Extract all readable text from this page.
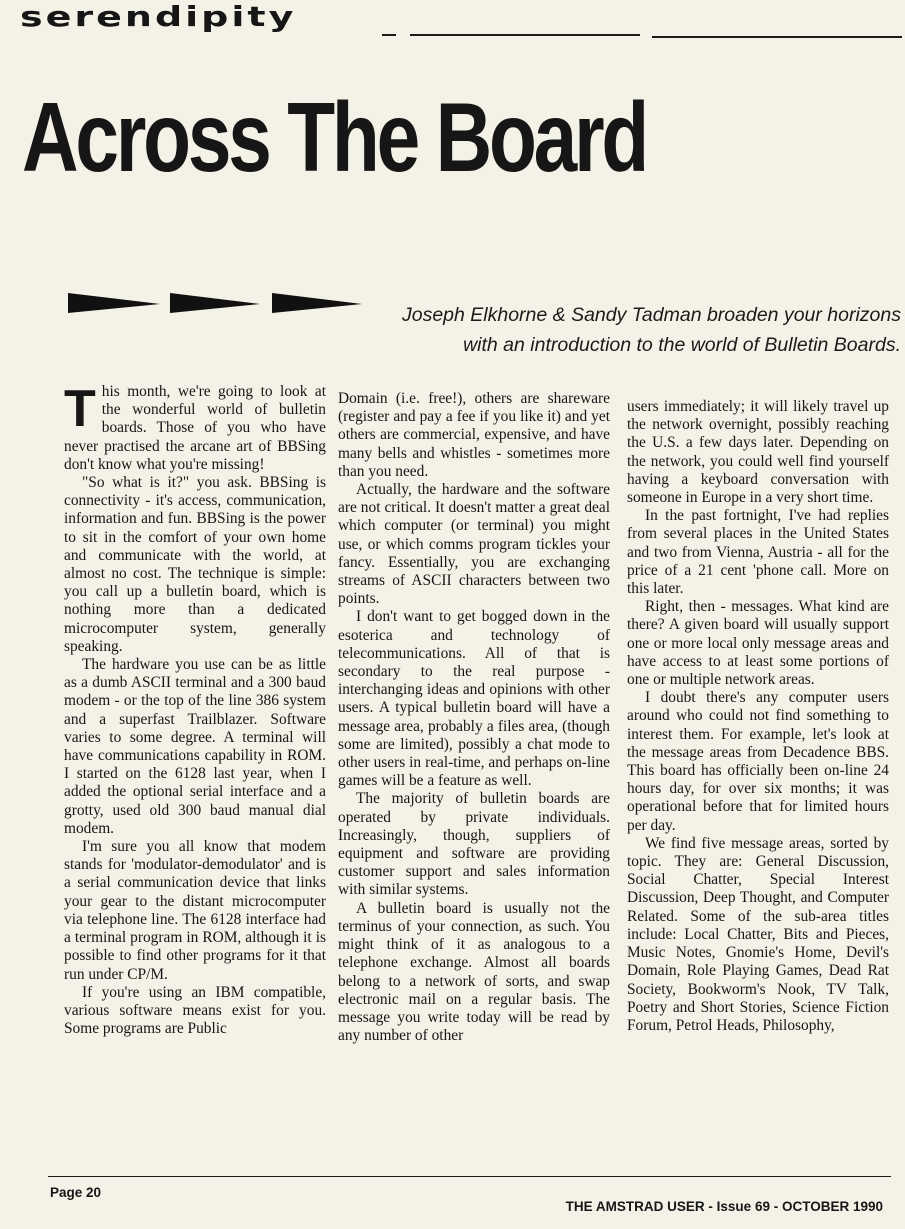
serendipity
Across The Board
Joseph Elkhorne & Sandy Tadman broaden your horizons
with an introduction to the world of Bulletin Boards.
T his month, we're going to look at the wonderful world of bulletin boards. Those of you who have never practised the arcane art of BBSing don't know what you're missing!

"So what is it?" you ask. BBSing is connectivity - it's access, communication, information and fun. BBSing is the power to sit in the comfort of your own home and communicate with the world, at almost no cost. The technique is simple: you call up a bulletin board, which is nothing more than a dedicated microcomputer system, generally speaking.

The hardware you use can be as little as a dumb ASCII terminal and a 300 baud modem - or the top of the line 386 system and a superfast Trailblazer. Software varies to some degree. A terminal will have communications capability in ROM. I started on the 6128 last year, when I added the optional serial interface and a grotty, used old 300 baud manual dial modem.

I'm sure you all know that modem stands for 'modulator-demodulator' and is a serial communication device that links your gear to the distant microcomputer via telephone line. The 6128 interface had a terminal program in ROM, although it is possible to find other programs for it that run under CP/M.

If you're using an IBM compatible, various software means exist for you. Some programs are Public

Domain (i.e. free!), others are shareware (register and pay a fee if you like it) and yet others are commercial, expensive, and have many bells and whistles - sometimes more than you need.

Actually, the hardware and the software are not critical. It doesn't matter a great deal which computer (or terminal) you might use, or which comms program tickles your fancy. Essentially, you are exchanging streams of ASCII characters between two points.

I don't want to get bogged down in the esoterica and technology of telecommunications. All of that is secondary to the real purpose - interchanging ideas and opinions with other users. A typical bulletin board will have a message area, probably a files area, (though some are limited), possibly a chat mode to other users in real-time, and perhaps on-line games will be a feature as well.

The majority of bulletin boards are operated by private individuals. Increasingly, though, suppliers of equipment and software are providing customer support and sales information with similar systems.

A bulletin board is usually not the terminus of your connection, as such. You might think of it as analogous to a telephone exchange. Almost all boards belong to a network of sorts, and swap electronic mail on a regular basis. The message you write today will be read by any number of other

users immediately; it will likely travel up the network overnight, possibly reaching the U.S. a few days later. Depending on the network, you could well find yourself having a keyboard conversation with someone in Europe in a very short time.

In the past fortnight, I've had replies from several places in the United States and two from Vienna, Austria - all for the price of a 21 cent 'phone call. More on this later.

Right, then - messages. What kind are there? A given board will usually support one or more local only message areas and have access to at least some portions of one or multiple network areas.

I doubt there's any computer users around who could not find something to interest them. For example, let's look at the message areas from Decadence BBS. This board has officially been on-line 24 hours day, for over six months; it was operational before that for limited hours per day.

We find five message areas, sorted by topic. They are: General Discussion, Social Chatter, Special Interest Discussion, Deep Thought, and Computer Related. Some of the sub-area titles include: Local Chatter, Bits and Pieces, Music Notes, Gnomie's Home, Devil's Domain, Role Playing Games, Dead Rat Society, Bookworm's Nook, TV Talk, Poetry and Short Stories, Science Fiction Forum, Petrol Heads, Philosophy,

Page 20
THE AMSTRAD USER - Issue 69 - OCTOBER 1990
